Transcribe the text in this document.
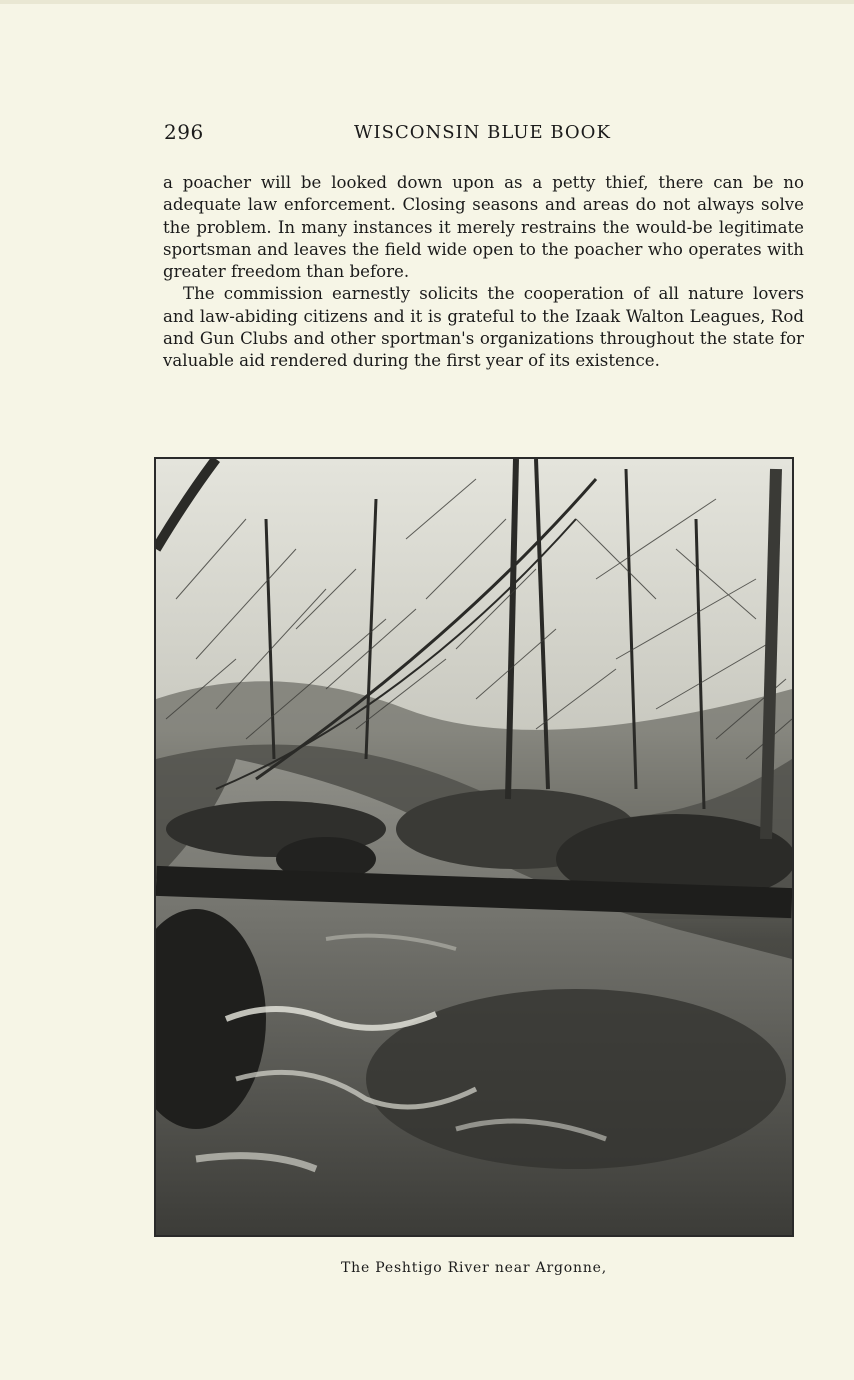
296	WISCONSIN BLUE BOOK

a poacher will be looked down upon as a petty thief, there can be no adequate law enforcement. Closing seasons and areas do not always solve the problem. In many instances it merely restrains the would-be legitimate sportsman and leaves the field wide open to the poacher who operates with greater freedom than before.

The commission earnestly solicits the cooperation of all nature lovers and law-abiding citizens and it is grateful to the Izaak Walton Leagues, Rod and Gun Clubs and other sportman's organizations throughout the state for valuable aid rendered during the first year of its existence.

The Peshtigo River near Argonne,
